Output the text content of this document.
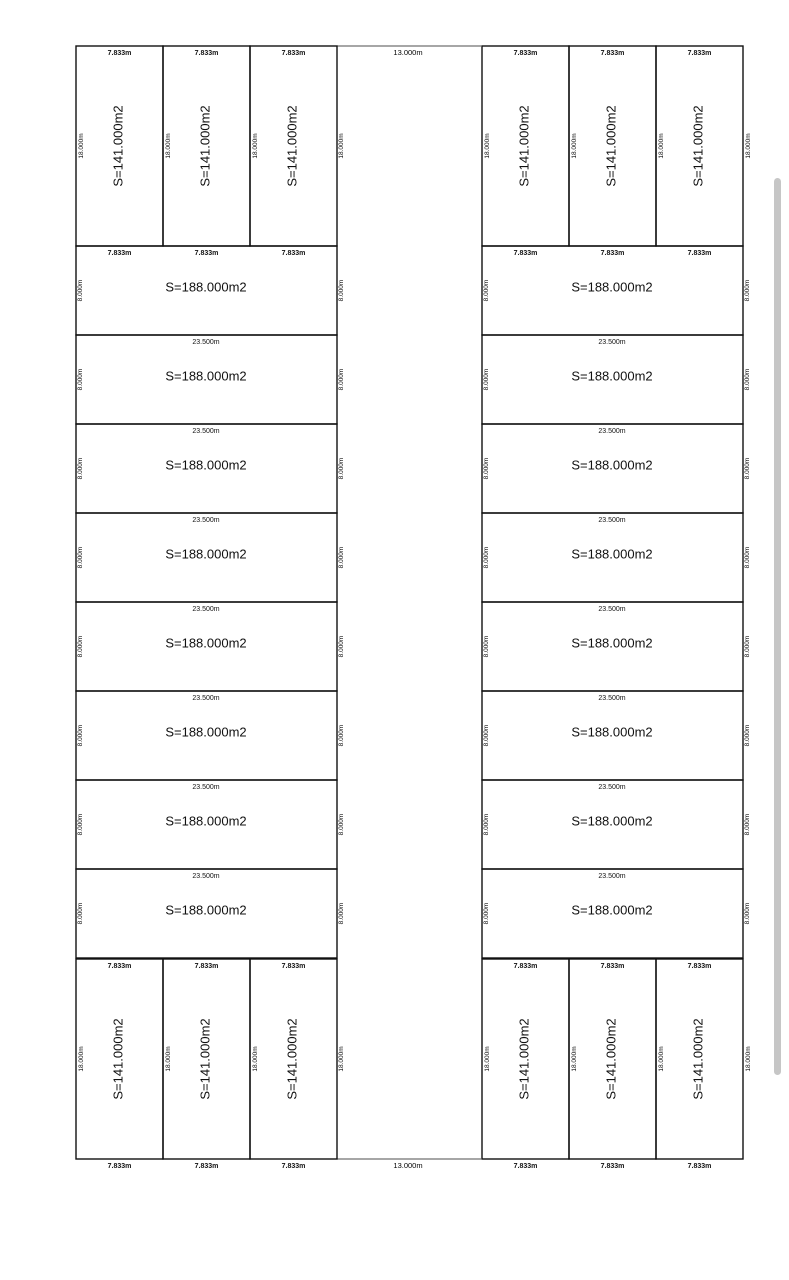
7.833m
7.833m
S=141.000m2
18.000m
7.833m
7.833m
S=141.000m2
18.000m
7.833m
7.833m
S=141.000m2
18.000m
7.833m
7.833m
S=141.000m2
18.000m
7.833m
7.833m
S=141.000m2
18.000m
7.833m
7.833m
S=141.000m2
18.000m
18.000m	18.000m
7.833m
7.833m
S=141.000m2
18.000m
7.833m
7.833m
S=141.000m2
18.000m
7.833m
7.833m
S=141.000m2
18.000m
7.833m
7.833m
S=141.000m2
18.000m
7.833m
7.833m
S=141.000m2
18.000m
7.833m
7.833m
S=141.000m2
18.000m
18.000m	18.000m
S=188.000m2
8.000m	8.000m	S=188.000m2
8.000m	8.000m
23.500m
S=188.000m2
8.000m	8.000m
23.500m
S=188.000m2
8.000m	8.000m
23.500m
S=188.000m2
8.000m	8.000m
23.500m
S=188.000m2
8.000m	8.000m
23.500m
S=188.000m2
8.000m	8.000m
23.500m
S=188.000m2
8.000m	8.000m
23.500m
S=188.000m2
8.000m	8.000m
23.500m
S=188.000m2
8.000m	8.000m
23.500m
S=188.000m2
8.000m	8.000m
23.500m
S=188.000m2
8.000m	8.000m
23.500m
S=188.000m2
8.000m	8.000m
23.500m
S=188.000m2
8.000m	8.000m
23.500m
S=188.000m2
8.000m	8.000m
23.500m
S=188.000m2
8.000m	8.000m
13.000m
13.000m
